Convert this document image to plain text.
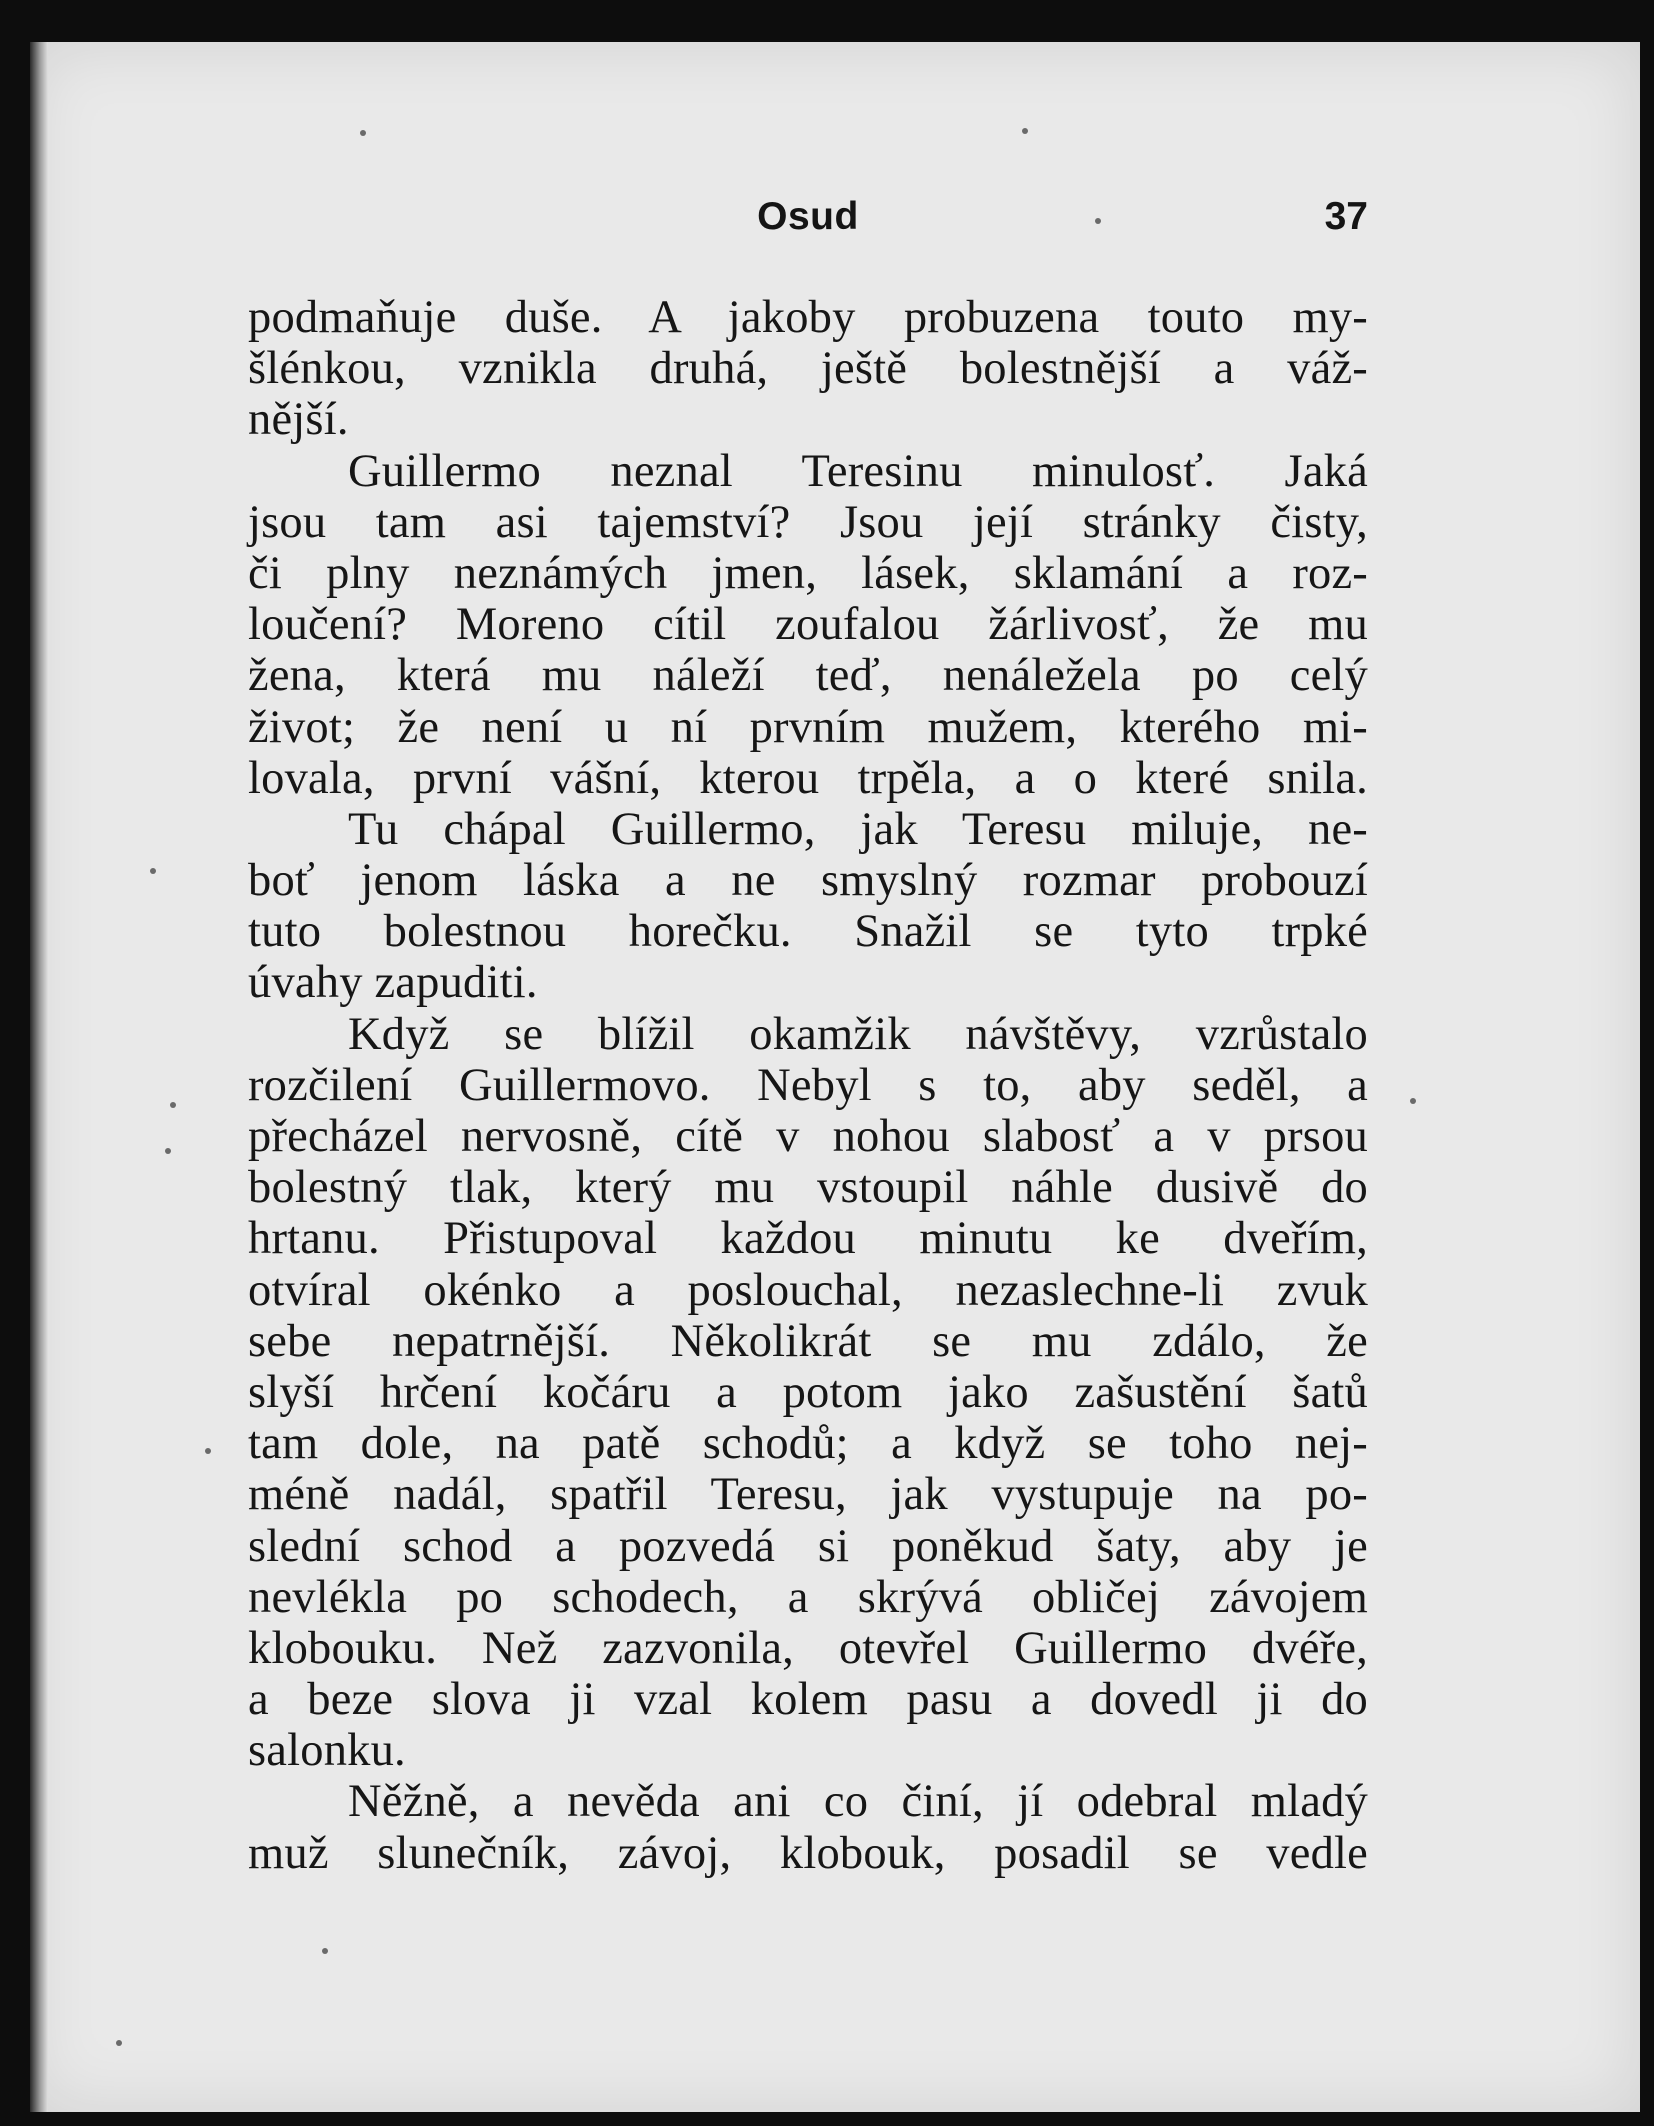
Osud	37
podmaňuje duše. A jakoby probuzena touto my-
šlénkou, vznikla druhá, ještě bolestnější a váž-
nější.
Guillermo neznal Teresinu minulosť. Jaká
jsou tam asi tajemství? Jsou její stránky čisty,
či plny neznámých jmen, lásek, sklamání a roz-
loučení? Moreno cítil zoufalou žárlivosť, že mu
žena, která mu náleží teď, nenáležela po celý
život; že není u ní prvním mužem, kterého mi-
lovala, první vášní, kterou trpěla, a o které snila.
Tu chápal Guillermo, jak Teresu miluje, ne-
boť jenom láska a ne smyslný rozmar probouzí
tuto bolestnou horečku. Snažil se tyto trpké
úvahy zapuditi.
Když se blížil okamžik návštěvy, vzrůstalo
rozčilení Guillermovo. Nebyl s to, aby seděl, a
přecházel nervosně, cítě v nohou slabosť a v prsou
bolestný tlak, který mu vstoupil náhle dusivě do
hrtanu. Přistupoval každou minutu ke dveřím,
otvíral okénko a poslouchal, nezaslechne-li zvuk
sebe nepatrnější. Několikrát se mu zdálo, že
slyší hrčení kočáru a potom jako zašustění šatů
tam dole, na patě schodů; a když se toho nej-
méně nadál, spatřil Teresu, jak vystupuje na po-
slední schod a pozvedá si poněkud šaty, aby je
nevlékla po schodech, a skrývá obličej závojem
klobouku. Než zazvonila, otevřel Guillermo dvéře,
a beze slova ji vzal kolem pasu a dovedl ji do
salonku.
Něžně, a nevěda ani co činí, jí odebral mladý
muž slunečník, závoj, klobouk, posadil se vedle
